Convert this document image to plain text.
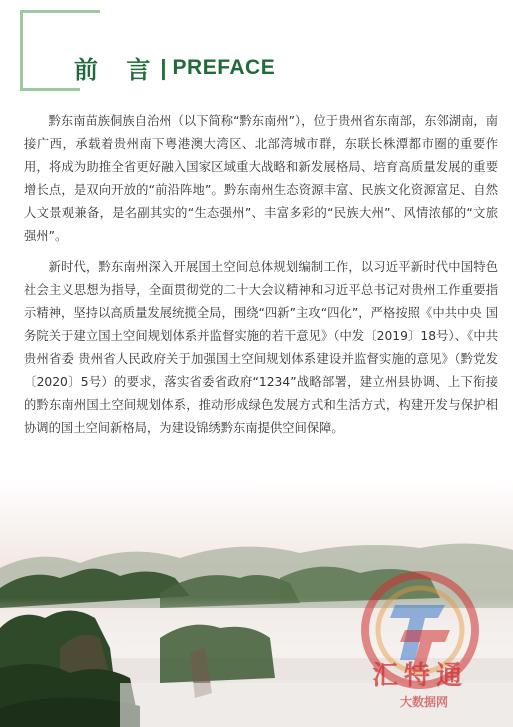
前 言 | PREFACE

黔东南苗族侗族自治州（以下简称“黔东南州”），位于贵州省东南部，东邻湖南，南接广西，承载着贵州南下粤港澳大湾区、北部湾城市群，东联长株潭都市圈的重要作用，将成为助推全省更好融入国家区域重大战略和新发展格局、培育高质量发展的重要增长点，是双向开放的“前沿阵地”。黔东南州生态资源丰富、民族文化资源富足、自然人文景观兼备，是名副其实的“生态强州”、丰富多彩的“民族大州”、风情浓郁的“文旅强州”。

新时代，黔东南州深入开展国土空间总体规划编制工作，以习近平新时代中国特色社会主义思想为指导，全面贯彻党的二十大会议精神和习近平总书记对贵州工作重要指示精神，坚持以高质量发展统揽全局，围绕“四新”主攻“四化”，严格按照《中共中央 国务院关于建立国土空间规划体系并监督实施的若干意见》（中发〔2019〕18号）、《中共贵州省委 贵州省人民政府关于加强国土空间规划体系建设并监督实施的意见》（黔党发〔2020〕5号）的要求，落实省委省政府“1234”战略部署，建立州县协调、上下衔接的黔东南州国土空间规划体系，推动形成绿色发展方式和生活方式，构建开发与保护相协调的国土空间新格局，为建设锦绣黔东南提供空间保障。

汇特通
大数据网
